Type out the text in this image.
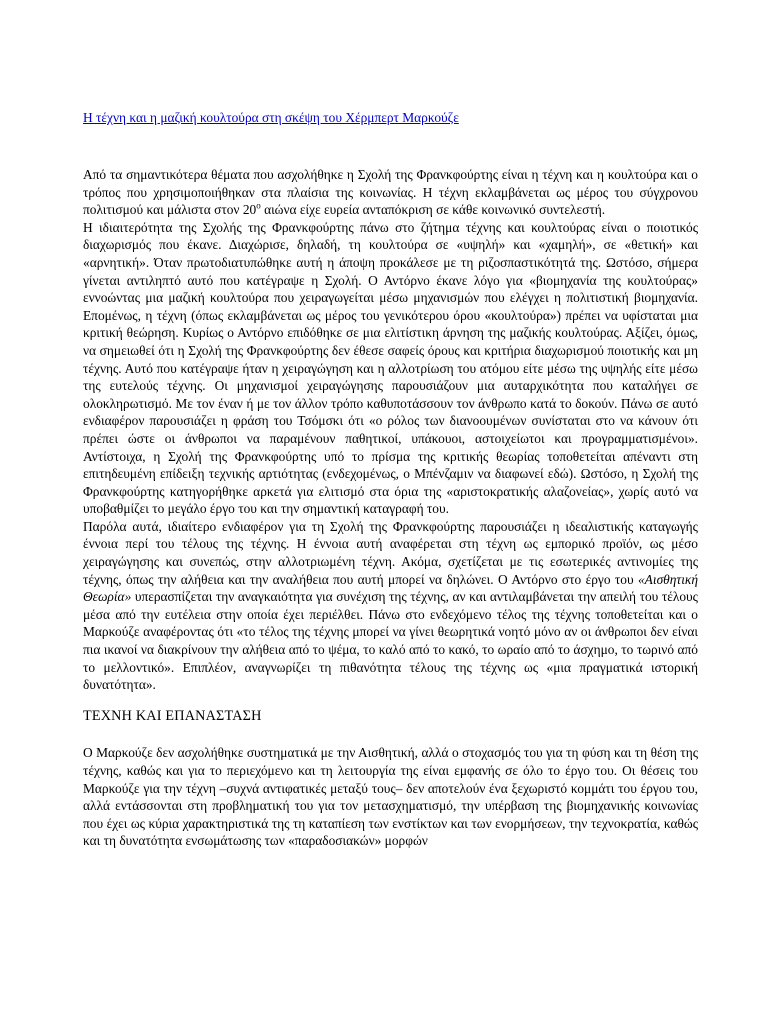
Η τέχνη και η μαζική κουλτούρα στη σκέψη του Χέρμπερτ Μαρκούζε

Από τα σημαντικότερα θέματα που ασχολήθηκε η Σχολή της Φρανκφούρτης είναι η τέχνη και η κουλτούρα και ο τρόπος που χρησιμοποιήθηκαν στα πλαίσια της κοινωνίας. Η τέχνη εκλαμβάνεται ως μέρος του σύγχρονου πολιτισμού και μάλιστα στον $20^o$ αιώνα είχε ευρεία ανταπόκριση σε κάθε κοινωνικό συντελεστή.

Η ιδιαιτερότητα της Σχολής της Φρανκφούρτης πάνω στο ζήτημα τέχνης και κουλτούρας είναι ο ποιοτικός διαχωρισμός που έκανε. Διαχώρισε, δηλαδή, τη κουλτούρα σε «υψηλή» και «χαμηλή», σε «θετική» και «αρνητική». Όταν πρωτοδιατυπώθηκε αυτή η άποψη προκάλεσε με τη ριζοσπαστικότητά της. Ωστόσο, σήμερα γίνεται αντιληπτό αυτό που κατέγραψε η Σχολή. Ο Αντόρνο έκανε λόγο για «βιομηχανία της κουλτούρας» εννοώντας μια μαζική κουλτούρα που χειραγωγείται μέσω μηχανισμών που ελέγχει η πολιτιστική βιομηχανία. Επομένως, η τέχνη (όπως εκλαμβάνεται ως μέρος του γενικότερου όρου «κουλτούρα») πρέπει να υφίσταται μια κριτική θεώρηση. Κυρίως ο Αντόρνο επιδόθηκε σε μια ελιτίστικη άρνηση της μαζικής κουλτούρας. Αξίζει, όμως, να σημειωθεί ότι η Σχολή της Φρανκφούρτης δεν έθεσε σαφείς όρους και κριτήρια διαχωρισμού ποιοτικής και μη τέχνης. Αυτό που κατέγραψε ήταν η χειραγώγηση και η αλλοτρίωση του ατόμου είτε μέσω της υψηλής είτε μέσω της ευτελούς τέχνης. Οι μηχανισμοί χειραγώγησης παρουσιάζουν μια αυταρχικότητα που καταλήγει σε ολοκληρωτισμό. Με τον έναν ή με τον άλλον τρόπο καθυποτάσσουν τον άνθρωπο κατά το δοκούν. Πάνω σε αυτό ενδιαφέρον παρουσιάζει η φράση του Τσόμσκι ότι «ο ρόλος των διανοουμένων συνίσταται στο να κάνουν ότι πρέπει ώστε οι άνθρωποι να παραμένουν παθητικοί, υπάκουοι, αστοιχείωτοι και προγραμματισμένοι». Αντίστοιχα, η Σχολή της Φρανκφούρτης υπό το πρίσμα της κριτικής θεωρίας τοποθετείται απέναντι στη επιτηδευμένη επίδειξη τεχνικής αρτιότητας (ενδεχομένως, ο Μπένζαμιν να διαφωνεί εδώ). Ωστόσο, η Σχολή της Φρανκφούρτης κατηγορήθηκε αρκετά για ελιτισμό στα όρια της «αριστοκρατικής αλαζονείας», χωρίς αυτό να υποβαθμίζει το μεγάλο έργο του και την σημαντική καταγραφή του.

Παρόλα αυτά, ιδιαίτερο ενδιαφέρον για τη Σχολή της Φρανκφούρτης παρουσιάζει η ιδεαλιστικής καταγωγής έννοια περί του τέλους της τέχνης. Η έννοια αυτή αναφέρεται στη τέχνη ως εμπορικό προϊόν, ως μέσο χειραγώγησης και συνεπώς, στην αλλοτριωμένη τέχνη. Ακόμα, σχετίζεται με τις εσωτερικές αντινομίες της τέχνης, όπως την αλήθεια και την αναλήθεια που αυτή μπορεί να δηλώνει. Ο Αντόρνο στο έργο του «Αισθητική Θεωρία» υπερασπίζεται την αναγκαιότητα για συνέχιση της τέχνης, αν και αντιλαμβάνεται την απειλή του τέλους μέσα από την ευτέλεια στην οποία έχει περιέλθει. Πάνω στο ενδεχόμενο τέλος της τέχνης τοποθετείται και ο Μαρκούζε αναφέροντας ότι «το τέλος της τέχνης μπορεί να γίνει θεωρητικά νοητό μόνο αν οι άνθρωποι δεν είναι πια ικανοί να διακρίνουν την αλήθεια από το ψέμα, το καλό από το κακό, το ωραίο από το άσχημο, το τωρινό από το μελλοντικό». Επιπλέον, αναγνωρίζει τη πιθανότητα τέλους της τέχνης ως «μια πραγματικά ιστορική δυνατότητα».

ΤΕΧΝΗ ΚΑΙ ΕΠΑΝΑΣΤΑΣΗ

Ο Μαρκούζε δεν ασχολήθηκε συστηματικά με την Αισθητική, αλλά ο στοχασμός του για τη φύση και τη θέση της τέχνης, καθώς και για το περιεχόμενο και τη λειτουργία της είναι εμφανής σε όλο το έργο του. Οι θέσεις του Μαρκούζε για την τέχνη –συχνά αντιφατικές μεταξύ τους– δεν αποτελούν ένα ξεχωριστό κομμάτι του έργου του, αλλά εντάσσονται στη προβληματική του για τον μετασχηματισμό, την υπέρβαση της βιομηχανικής κοινωνίας που έχει ως κύρια χαρακτηριστικά της τη καταπίεση των ενστίκτων και των ενορμήσεων, την τεχνοκρατία, καθώς και τη δυνατότητα ενσωμάτωσης των «παραδοσιακών» μορφών
